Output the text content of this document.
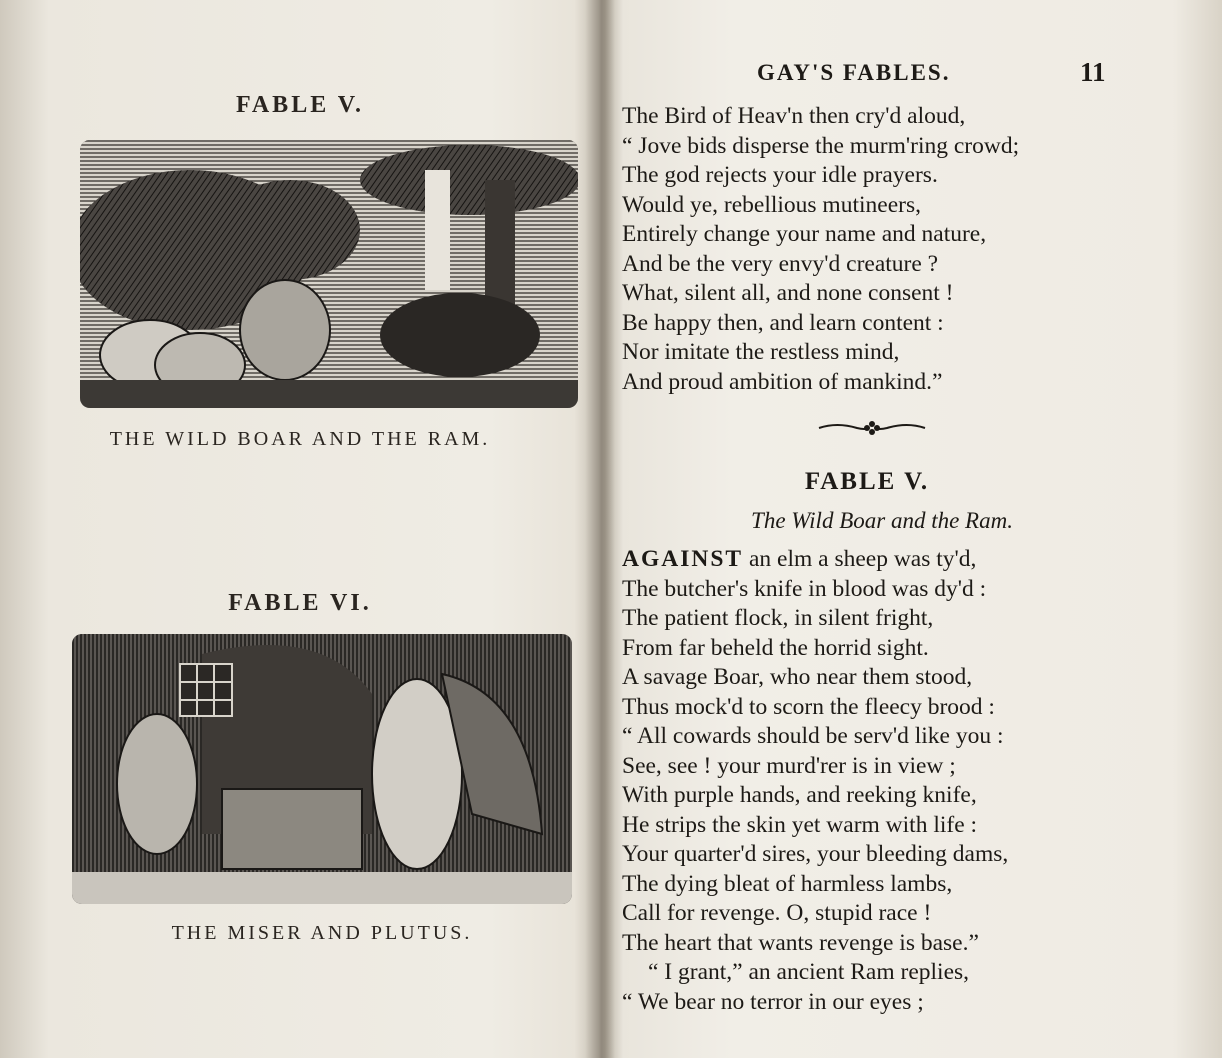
FABLE V.
THE WILD BOAR AND THE RAM.
FABLE VI.
THE MISER AND PLUTUS.
GAY'S FABLES.	11
The Bird of Heav'n then cry'd aloud,
“ Jove bids disperse the murm'ring crowd;
The god rejects your idle prayers.
Would ye, rebellious mutineers,
Entirely change your name and nature,
And be the very envy'd creature ?
What, silent all, and none consent !
Be happy then, and learn content :
Nor imitate the restless mind,
And proud ambition of mankind.”
FABLE V.
The Wild Boar and the Ram.
AGAINST an elm a sheep was ty'd,
The butcher's knife in blood was dy'd :
The patient flock, in silent fright,
From far beheld the horrid sight.
A savage Boar, who near them stood,
Thus mock'd to scorn the fleecy brood :
“ All cowards should be serv'd like you :
See, see ! your murd'rer is in view ;
With purple hands, and reeking knife,
He strips the skin yet warm with life :
Your quarter'd sires, your bleeding dams,
The dying bleat of harmless lambs,
Call for revenge. O, stupid race !
The heart that wants revenge is base.”
“ I grant,” an ancient Ram replies,
“ We bear no terror in our eyes ;
